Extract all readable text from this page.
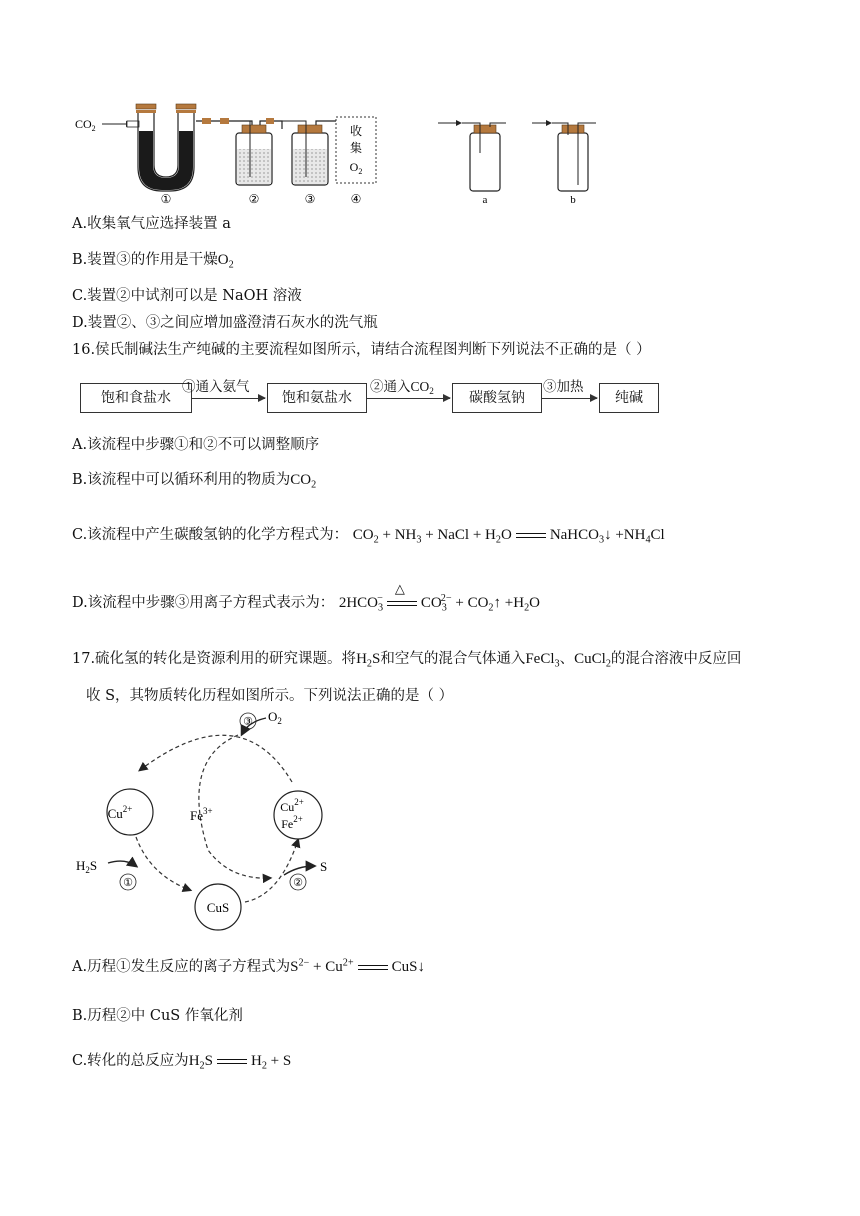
$CO_2$	收
集
$O_2$
①	②	③	④	a	b
A.收集氧气应选择装置 a
B.装置③的作用是干燥$O_2$
C.装置②中试剂可以是 NaOH 溶液
D.装置②、③之间应增加盛澄清石灰水的洗气瓶
16.侯氏制碱法生产纯碱的主要流程如图所示，请结合流程图判断下列说法不正确的是（ ）
饱和食盐水
①通入氨气
饱和氨盐水
②通入$CO_2$	碳酸氢钠
③加热
纯碱
A.该流程中步骤①和②不可以调整顺序
B.该流程中可以循环利用的物质为$CO_2$
C.该流程中产生碳酸氢钠的化学方程式为： $CO_2 + NH_3$ + NaCl + $H_2O$	NaHCO$_3$↓ $+NH_4Cl$
D.该流程中步骤③用离子方程式表示为： $2HCO_3^-$
△
$CO_3^{2-}$ + $CO_2↑ +H_2O$
17.硫化氢的转化是资源利用的研究课题。将$H_2S$和空气的混合气体通入FeCl$_3$、CuCl$_2$的混合溶液中反应回
收 S，其物质转化历程如图所示。下列说法正确的是（ ）
$O_2$
③
$Cu^{2+}$	$Fe^{3+}$	$Cu^{2+}$
$Fe^{2+}$
CuS
$H_2S$
①
S
②
A.历程①发生反应的离子方程式为$S^{2-} + Cu^{2+}$	CuS↓
B.历程②中 CuS 作氧化剂
C.转化的总反应为$H_2S$	$H_2 + S$
